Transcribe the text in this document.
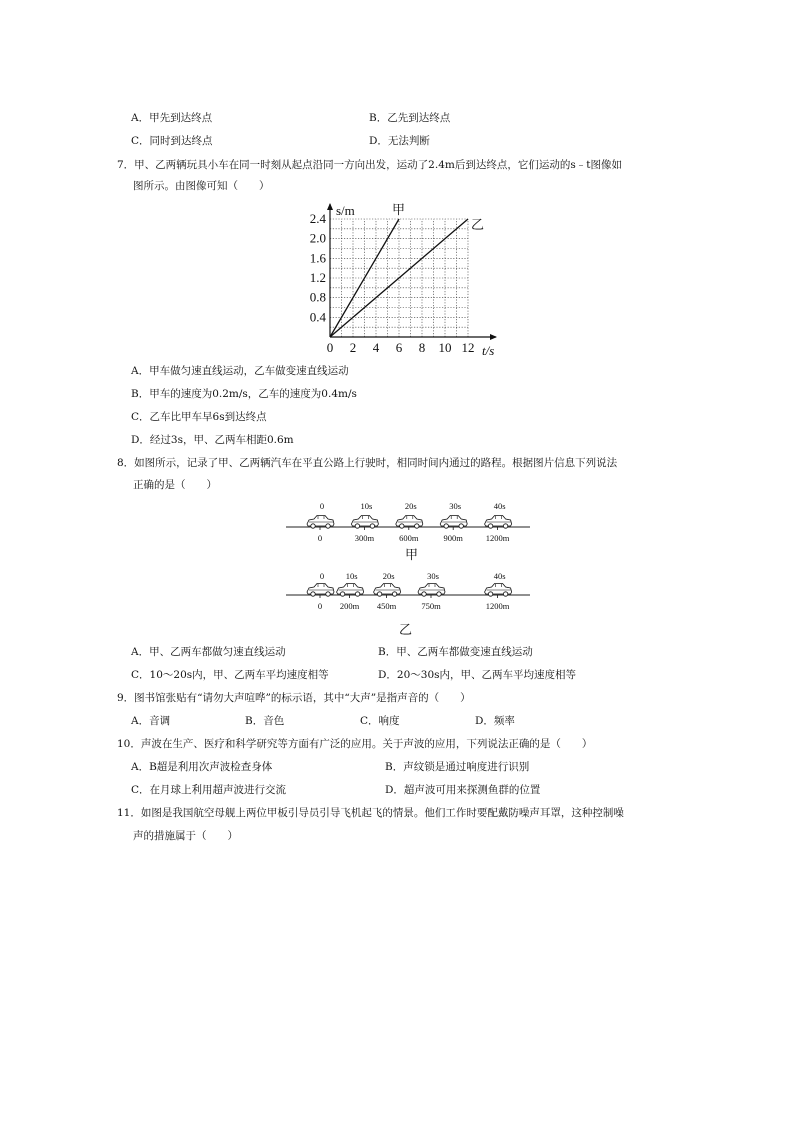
A．甲先到达终点	B．乙先到达终点
C．同时到达终点	D．无法判断
7．甲、乙两辆玩具小车在同一时刻从起点沿同一方向出发，运动了2.4m后到达终点，它们运动的s﹣t图像如
图所示。由图像可知（　　）
0 2 4 6 8 10 12
0.4
0.8
1.2
1.6
2.0
2.4
s/m
t/s
甲
乙
A．甲车做匀速直线运动，乙车做变速直线运动
B．甲车的速度为0.2m/s，乙车的速度为0.4m/s
C．乙车比甲车早6s到达终点
D．经过3s，甲、乙两车相距0.6m
8．如图所示，记录了甲、乙两辆汽车在平直公路上行驶时，相同时间内通过的路程。根据图片信息下列说法
正确的是（　　）
0
0
10s
300m
20s
600m
30s
900m
40s
1200m
0
0
10s
200m
20s
450m
30s
750m
40s
1200m
甲
乙
A．甲、乙两车都做匀速直线运动	B．甲、乙两车都做变速直线运动
C．10～20s内，甲、乙两车平均速度相等	D．20～30s内，甲、乙两车平均速度相等
9．图书馆张贴有“请勿大声喧哗”的标示语，其中“大声”是指声音的（　　）
A．音调	B．音色	C．响度	D．频率
10．声波在生产、医疗和科学研究等方面有广泛的应用。关于声波的应用，下列说法正确的是（　　）
A．B超是利用次声波检查身体	B．声纹锁是通过响度进行识别
C．在月球上利用超声波进行交流	D．超声波可用来探测鱼群的位置
11．如图是我国航空母舰上两位甲板引导员引导飞机起飞的情景。他们工作时要配戴防噪声耳罩，这种控制噪
声的措施属于（　　）
